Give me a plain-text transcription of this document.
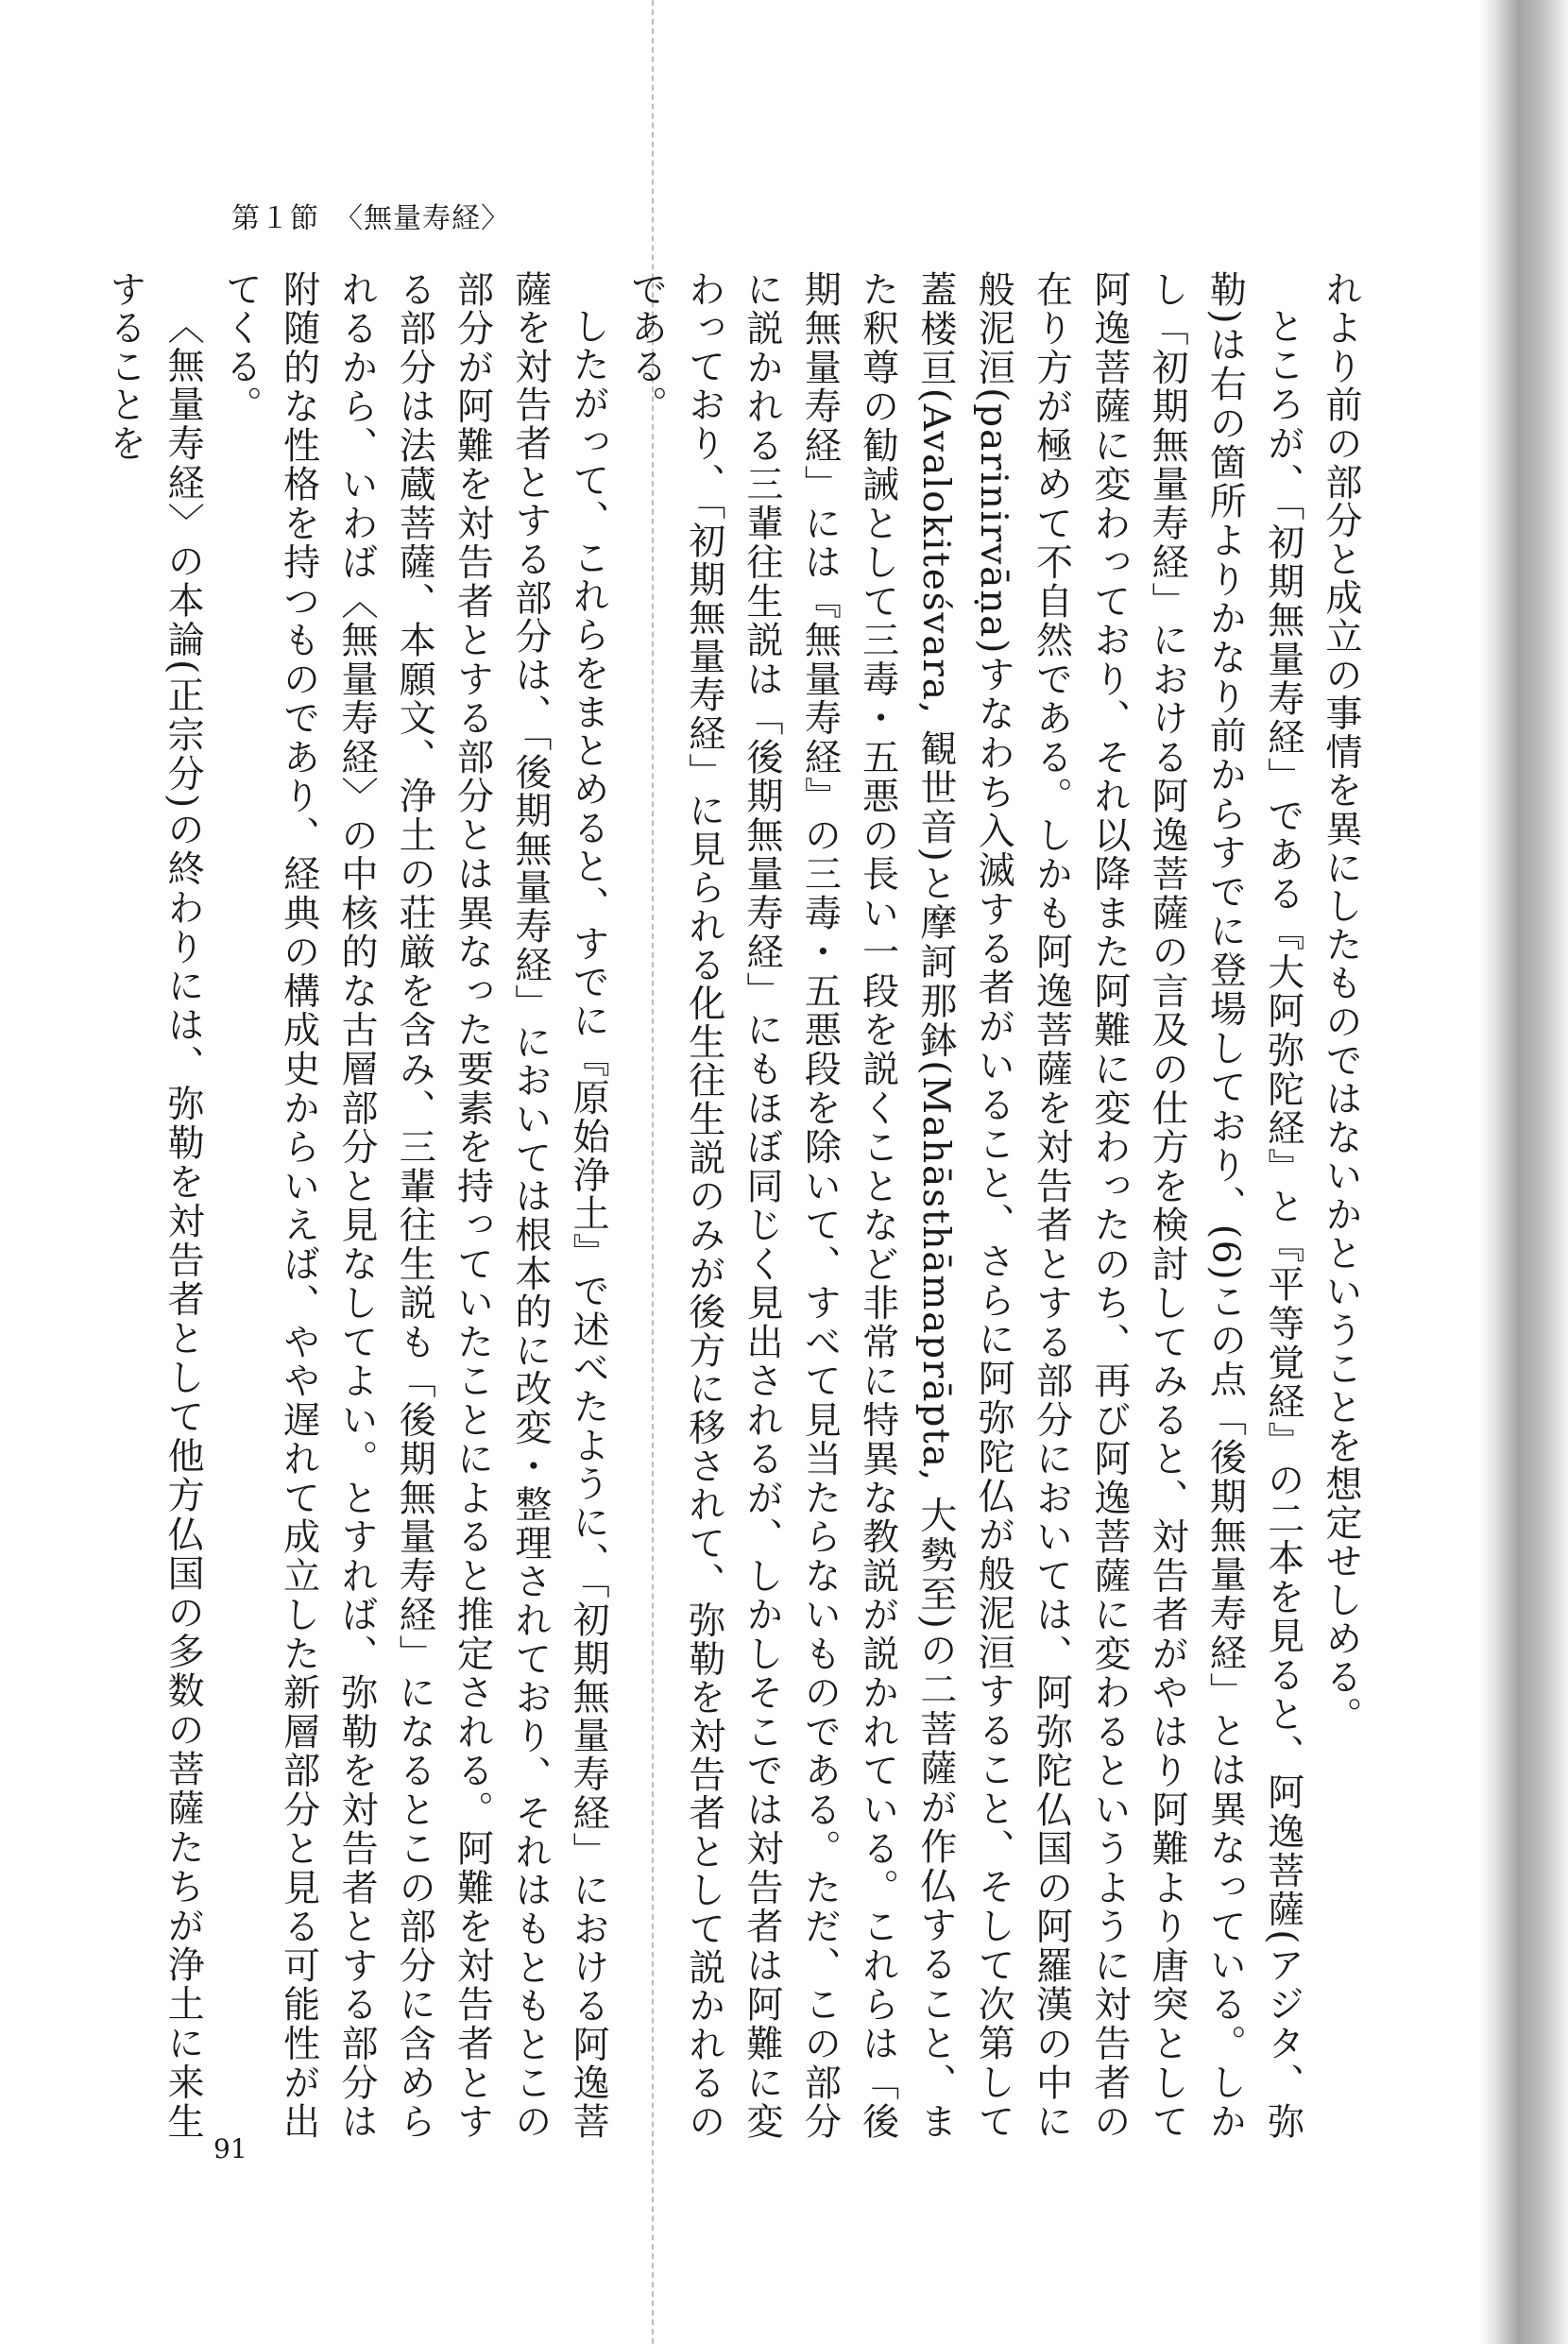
第１節　〈無量寿経〉

れより前の部分と成立の事情を異にしたものではないかということを想定せしめる。

ところが、「初期無量寿経」である『大阿弥陀経』と『平等覚経』の二本を見ると、阿逸菩薩(アジタ、弥勒)は右の箇所よりかなり前からすでに登場しており、(6)この点「後期無量寿経」とは異なっている。しかし「初期無量寿経」における阿逸菩薩の言及の仕方を検討してみると、対告者がやはり阿難より唐突として阿逸菩薩に変わっており、それ以降また阿難に変わったのち、再び阿逸菩薩に変わるというように対告者の在り方が極めて不自然である。しかも阿逸菩薩を対告者とする部分においては、阿弥陀仏国の阿羅漢の中に般泥洹(parinirvāṇa)すなわち入滅する者がいること、さらに阿弥陀仏が般泥洹すること、そして次第して蓋楼亘(Avalokiteśvara, 観世音)と摩訶那鉢(Mahāsthāmaprāpta, 大勢至)の二菩薩が作仏すること、また釈尊の勧誡として三毒・五悪の長い一段を説くことなど非常に特異な教説が説かれている。これらは「後期無量寿経」には『無量寿経』の三毒・五悪段を除いて、すべて見当たらないものである。ただ、この部分に説かれる三輩往生説は「後期無量寿経」にもほぼ同じく見出されるが、しかしそこでは対告者は阿難に変わっており、「初期無量寿経」に見られる化生往生説のみが後方に移されて、弥勒を対告者として説かれるのである。

したがって、これらをまとめると、すでに『原始浄土』で述べたように、「初期無量寿経」における阿逸菩薩を対告者とする部分は、「後期無量寿経」においては根本的に改変・整理されており、それはもともとこの部分が阿難を対告者とする部分とは異なった要素を持っていたことによると推定される。阿難を対告者とする部分は法蔵菩薩、本願文、浄土の荘厳を含み、三輩往生説も「後期無量寿経」になるとこの部分に含められるから、いわば〈無量寿経〉の中核的な古層部分と見なしてよい。とすれば、弥勒を対告者とする部分は附随的な性格を持つものであり、経典の構成史からいえば、やや遅れて成立した新層部分と見る可能性が出てくる。

〈無量寿経〉の本論(正宗分)の終わりには、弥勒を対告者として他方仏国の多数の菩薩たちが浄土に来生することを

91
